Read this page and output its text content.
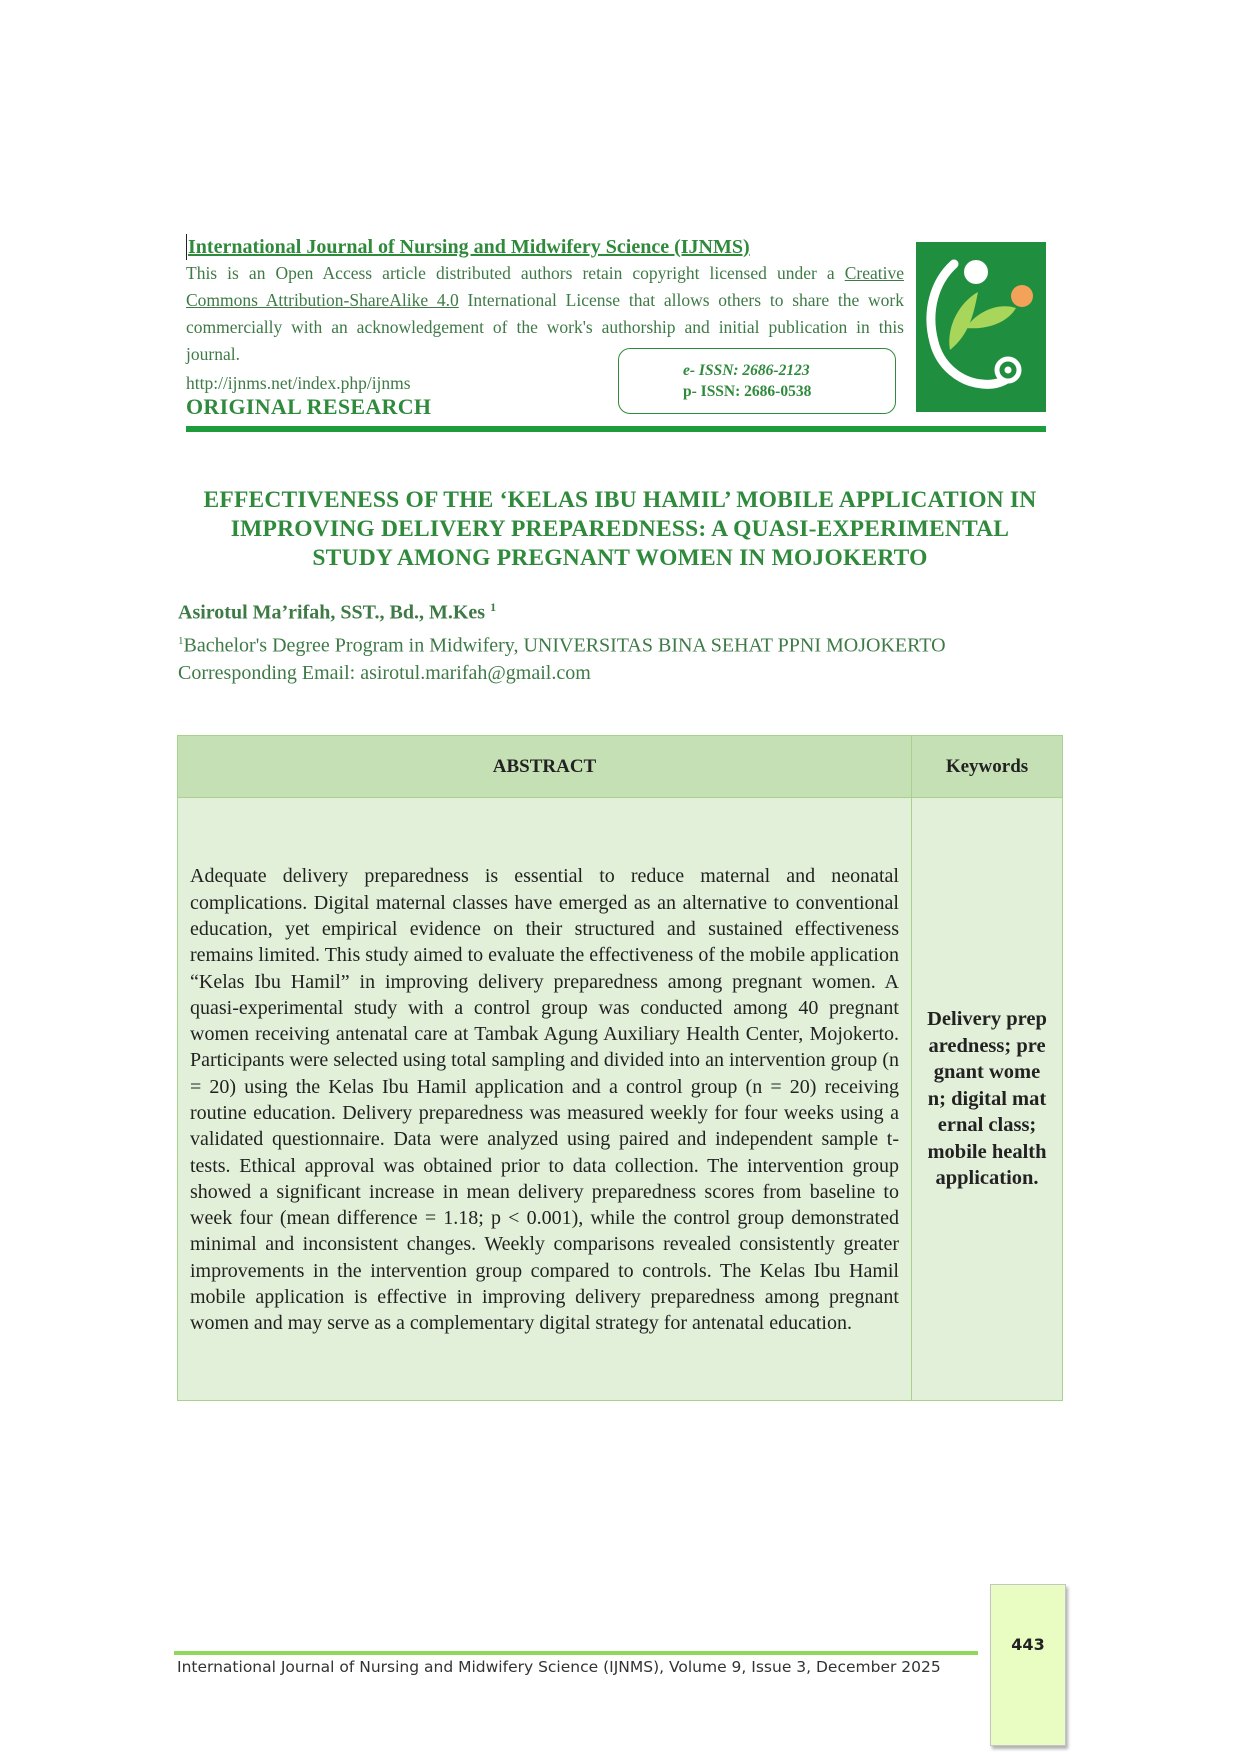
International Journal of Nursing and Midwifery Science (IJNMS)
This is an Open Access article distributed authors retain copyright licensed under a Creative Commons Attribution-ShareAlike 4.0 International License that allows others to share the work commercially with an acknowledgement of the work's authorship and initial publication in this journal.
http://ijnms.net/index.php/ijnms
ORIGINAL RESEARCH
e- ISSN: 2686-2123
p- ISSN: 2686-0538
EFFECTIVENESS OF THE ‘KELAS IBU HAMIL’ MOBILE APPLICATION IN
IMPROVING DELIVERY PREPAREDNESS: A QUASI-EXPERIMENTAL
STUDY AMONG PREGNANT WOMEN IN MOJOKERTO
Asirotul Ma’rifah, SST., Bd., M.Kes $^1$
$^1$Bachelor's Degree Program in Midwifery, UNIVERSITAS BINA SEHAT PPNI MOJOKERTO
Corresponding Email: asirotul.marifah@gmail.com
ABSTRACT	Keywords

Adequate delivery preparedness is essential to reduce maternal and neonatal complications. Digital maternal classes have emerged as an alternative to conventional education, yet empirical evidence on their structured and sustained effectiveness remains limited. This study aimed to evaluate the effectiveness of the mobile application “Kelas Ibu Hamil” in improving delivery preparedness among pregnant women. A quasi-experimental study with a control group was conducted among 40 pregnant women receiving antenatal care at Tambak Agung Auxiliary Health Center, Mojokerto. Participants were selected using total sampling and divided into an intervention group (n = 20) using the Kelas Ibu Hamil application and a control group (n = 20) receiving routine education. Delivery preparedness was measured weekly for four weeks using a validated questionnaire. Data were analyzed using paired and independent sample t-tests. Ethical approval was obtained prior to data collection. The intervention group showed a significant increase in mean delivery preparedness scores from baseline to week four (mean difference = 1.18; p < 0.001), while the control group demonstrated minimal and inconsistent changes. Weekly comparisons revealed consistently greater improvements in the intervention group compared to controls. The Kelas Ibu Hamil mobile application is effective in improving delivery preparedness among pregnant women and may serve as a complementary digital strategy for antenatal education.	Delivery preparedness; pregnant women; digital maternal class; mobile health application.
443
International Journal of Nursing and Midwifery Science (IJNMS), Volume 9, Issue 3, December 2025
